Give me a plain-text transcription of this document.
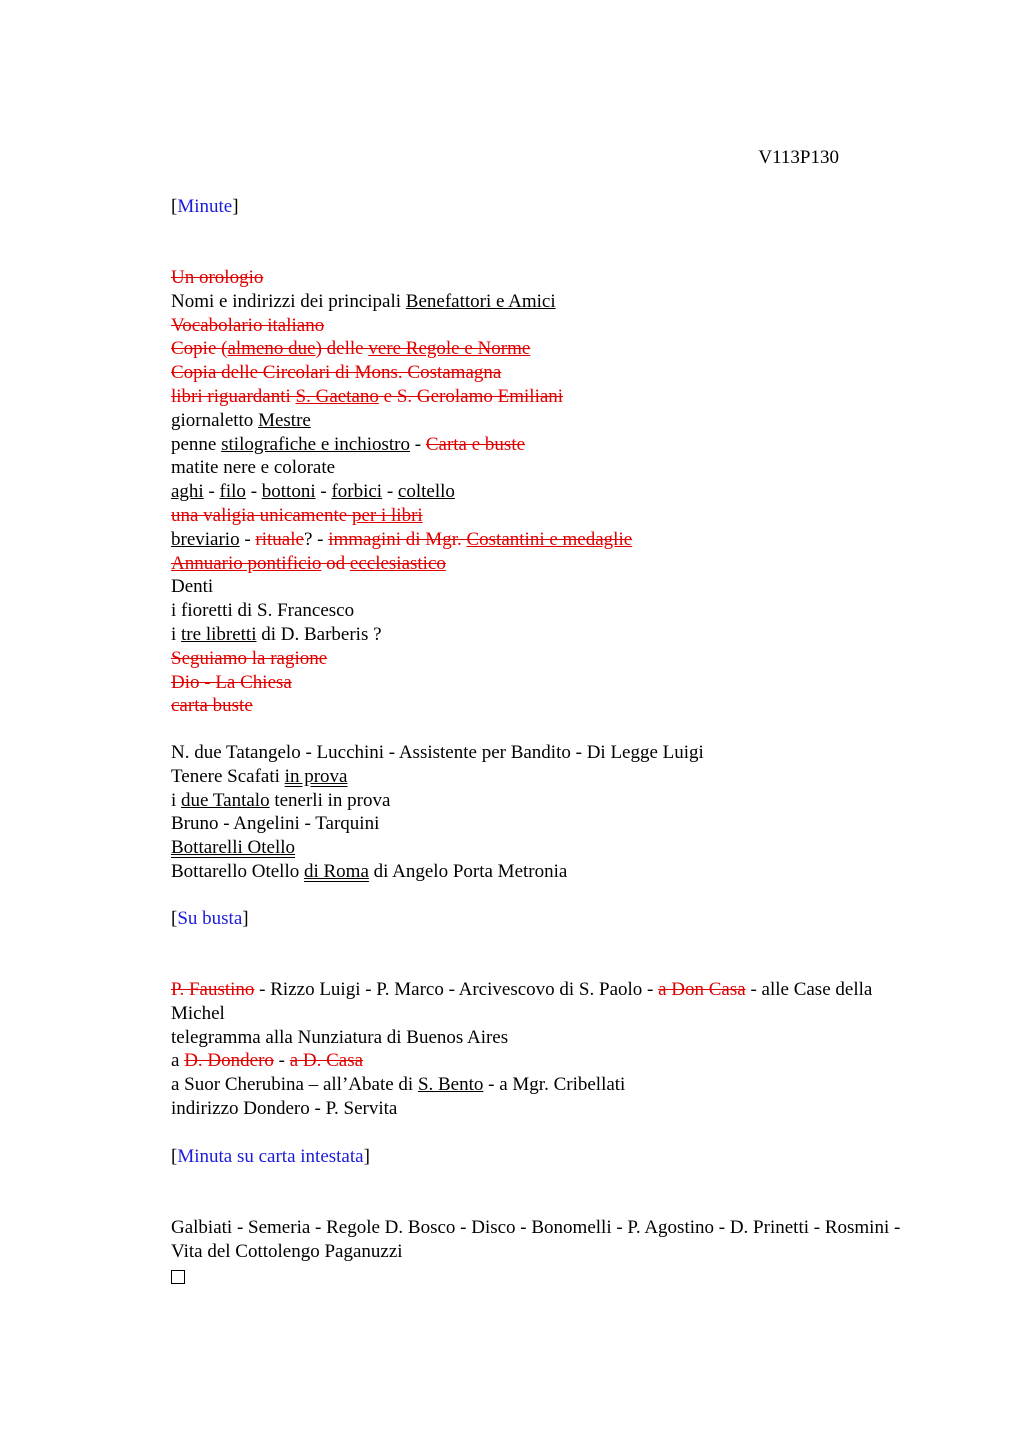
V113P130
[Minute]
Un orologio
Nomi e indirizzi dei principali Benefattori e Amici
Vocabolario italiano
Copie (almeno due) delle vere Regole e Norme
Copia delle Circolari di Mons. Costamagna
libri riguardanti S. Gaetano e S. Gerolamo Emiliani
giornaletto Mestre
penne stilografiche e inchiostro - Carta e buste
matite nere e colorate
aghi - filo - bottoni - forbici - coltello
una valigia unicamente per i libri
breviario - rituale? - immagini di Mgr. Costantini e medaglie
Annuario pontificio od ecclesiastico
Denti
i fioretti di S. Francesco
i tre libretti di D. Barberis ?
Seguiamo la ragione
Dio - La Chiesa
carta buste
N. due Tatangelo - Lucchini - Assistente per Bandito - Di Legge Luigi
Tenere Scafati in prova
i due Tantalo tenerli in prova
Bruno - Angelini - Tarquini
Bottarelli Otello
Bottarello Otello di Roma di Angelo Porta Metronia
[Su busta]
P. Faustino - Rizzo Luigi - P. Marco - Arcivescovo di S. Paolo - a Don Casa - alle Case della Michel
telegramma alla Nunziatura di Buenos Aires
a D. Dondero - a D. Casa
a Suor Cherubina – all’Abate di S. Bento - a Mgr. Cribellati
indirizzo Dondero - P. Servita
[Minuta su carta intestata]
Galbiati - Semeria - Regole D. Bosco - Disco - Bonomelli - P. Agostino - D. Prinetti - Rosmini - Vita del Cottolengo Paganuzzi
